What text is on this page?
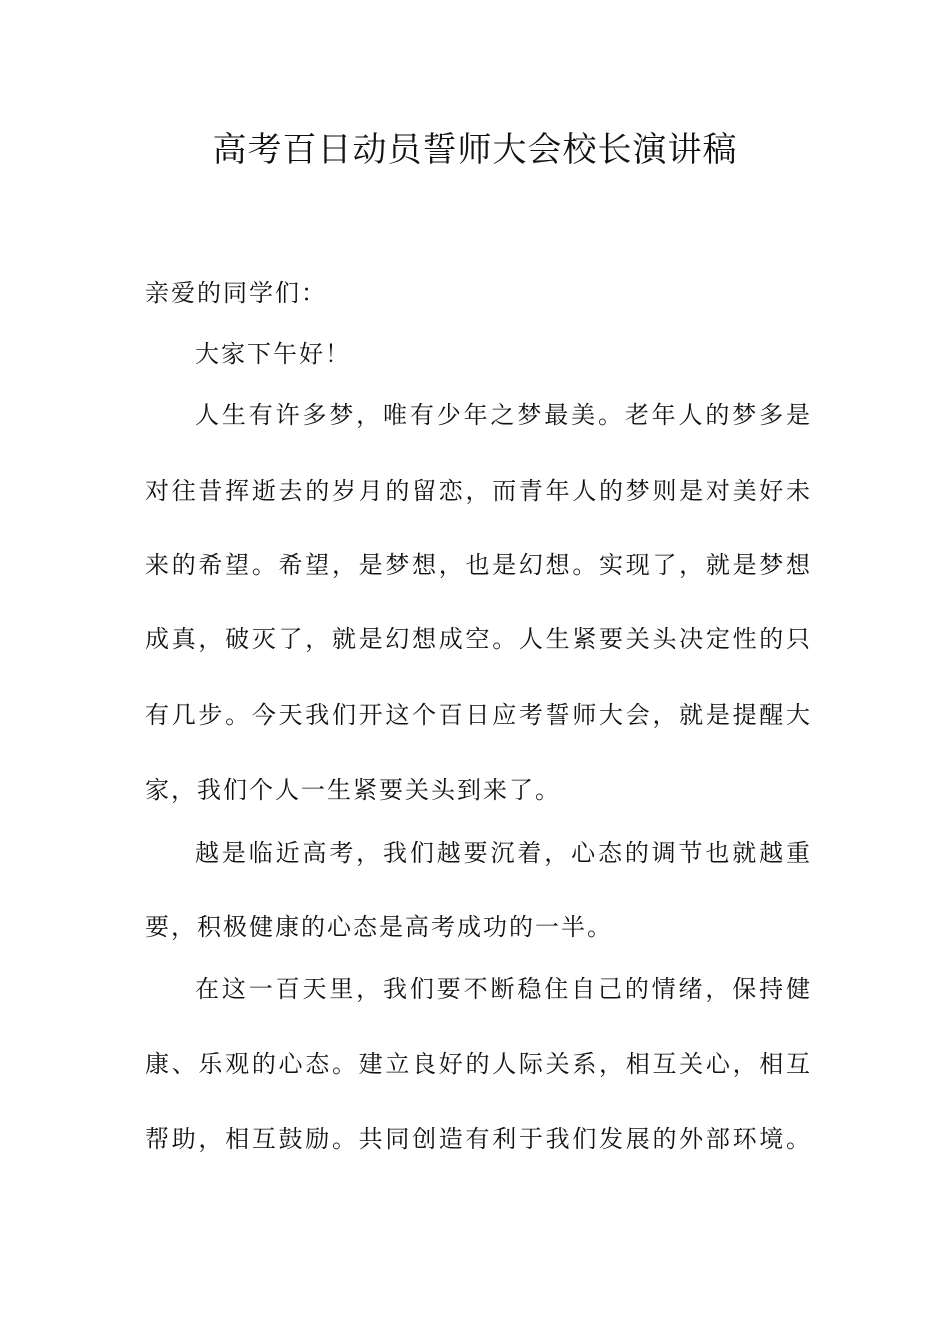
高考百日动员誓师大会校长演讲稿
亲爱的同学们：
大家下午好！
人生有许多梦，唯有少年之梦最美。老年人的梦多是
对往昔挥逝去的岁月的留恋，而青年人的梦则是对美好未
来的希望。希望，是梦想，也是幻想。实现了，就是梦想
成真，破灭了，就是幻想成空。人生紧要关头决定性的只
有几步。今天我们开这个百日应考誓师大会，就是提醒大
家，我们个人一生紧要关头到来了。
越是临近高考，我们越要沉着，心态的调节也就越重
要，积极健康的心态是高考成功的一半。
在这一百天里，我们要不断稳住自己的情绪，保持健
康、乐观的心态。建立良好的人际关系，相互关心，相互
帮助，相互鼓励。共同创造有利于我们发展的外部环境。
